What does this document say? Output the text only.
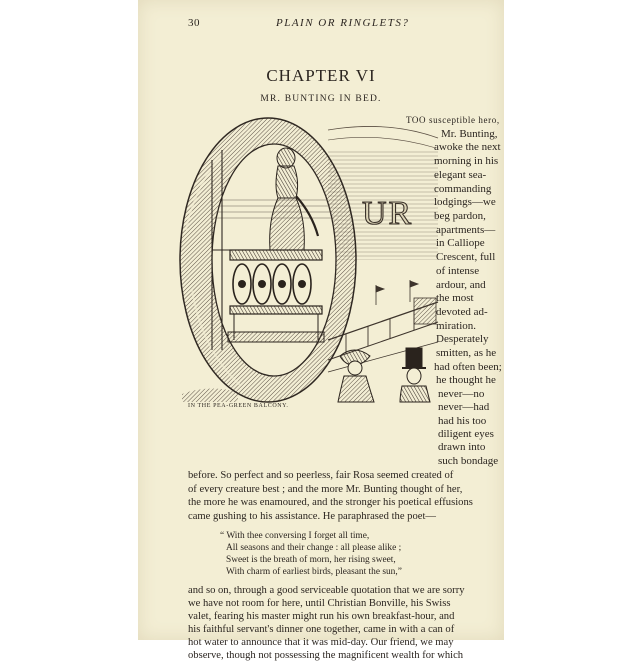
30	PLAIN OR RINGLETS?
CHAPTER VI
MR. BUNTING IN BED.
UR
IN THE PEA-GREEN BALCONY.
TOO susceptible hero,
Mr. Bunting,
awoke the next
morning in his
elegant sea-
commanding
lodgings—we
beg pardon,
apartments—
in Calliope
Crescent, full
of intense
ardour, and
the most
devoted ad-
miration.
Desperately
smitten, as he
had often been;
he thought he
never—no
never—had
had his too
diligent eyes
drawn into
such bondage
before. So perfect and so peerless, fair Rosa seemed created of
of every creature best ; and the more Mr. Bunting thought of her,
the more he was enamoured, and the stronger his poetical effusions
came gushing to his assistance. He paraphrased the poet—
“ With thee conversing I forget all time,
All seasons and their change : all please alike ;
Sweet is the breath of morn, her rising sweet,
With charm of earliest birds, pleasant the sun,”
and so on, through a good serviceable quotation that we are sorry
we have not room for here, until Christian Bonville, his Swiss
valet, fearing his master might run his own breakfast-hour, and
his faithful servant's dinner one together, came in with a can of
hot water to announce that it was mid-day. Our friend, we may
observe, though not possessing the magnificent wealth for which
